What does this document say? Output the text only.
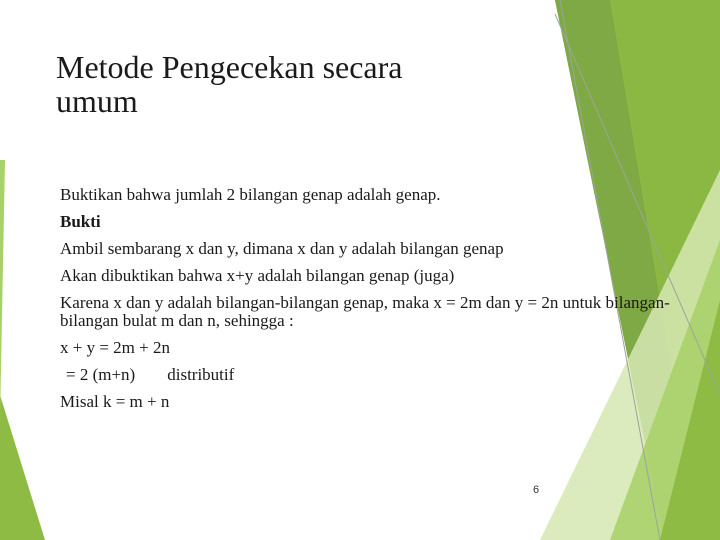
Metode Pengecekan secara
umum

Buktikan bahwa jumlah 2 bilangan genap adalah genap.

Bukti

Ambil sembarang x dan y, dimana x dan y adalah bilangan genap

Akan dibuktikan bahwa x+y adalah bilangan genap (juga)

Karena x dan y adalah bilangan-bilangan genap, maka x = 2m dan y = 2n untuk bilangan-bilangan bulat m dan n, sehingga :

x + y = 2m + 2n

= 2 (m+n) distributif

Misal k = m + n

6
